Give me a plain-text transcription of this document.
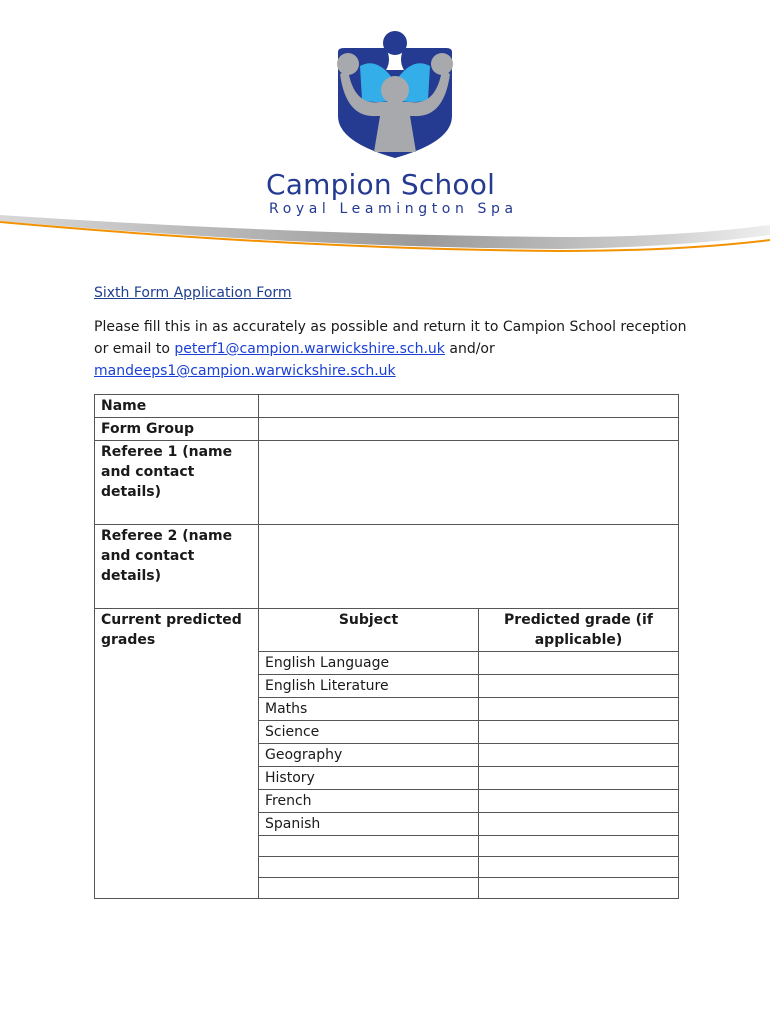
Campion School
Royal Leamington Spa
Sixth Form Application Form
Please fill this in as accurately as possible and return it to Campion School reception or email to peterf1@campion.warwickshire.sch.uk and/or mandeeps1@campion.warwickshire.sch.uk
Name		
Form Group		
Referee 1 (name and contact details)		
Referee 2 (name and contact details)		
Current predicted grades	Subject	Predicted grade (if applicable)
	English Language	
	English Literature	
	Maths	
	Science	
	Geography	
	History	
	French	
	Spanish	
